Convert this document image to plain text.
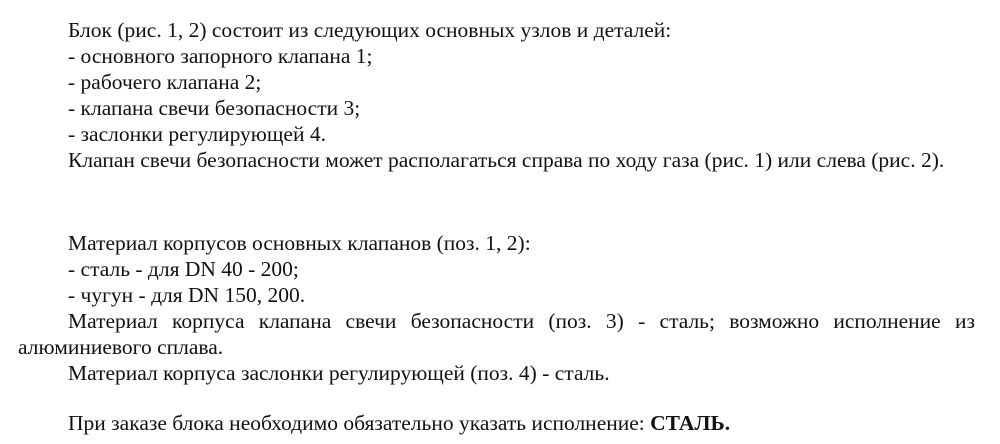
Блок (рис. 1, 2) состоит из следующих основных узлов и деталей:
- основного запорного клапана 1;
- рабочего клапана 2;
- клапана свечи безопасности 3;
- заслонки регулирующей 4.
Клапан свечи безопасности может располагаться справа по ходу газа (рис. 1) или слева (рис. 2).
Материал корпусов основных клапанов (поз. 1, 2):
- сталь - для DN 40 - 200;
- чугун - для DN 150, 200.
Материал корпуса клапана свечи безопасности (поз. 3) - сталь; возможно исполнение из алюминиевого сплава.
Материал корпуса заслонки регулирующей (поз. 4) - сталь.
При заказе блока необходимо обязательно указать исполнение: СТАЛЬ.
